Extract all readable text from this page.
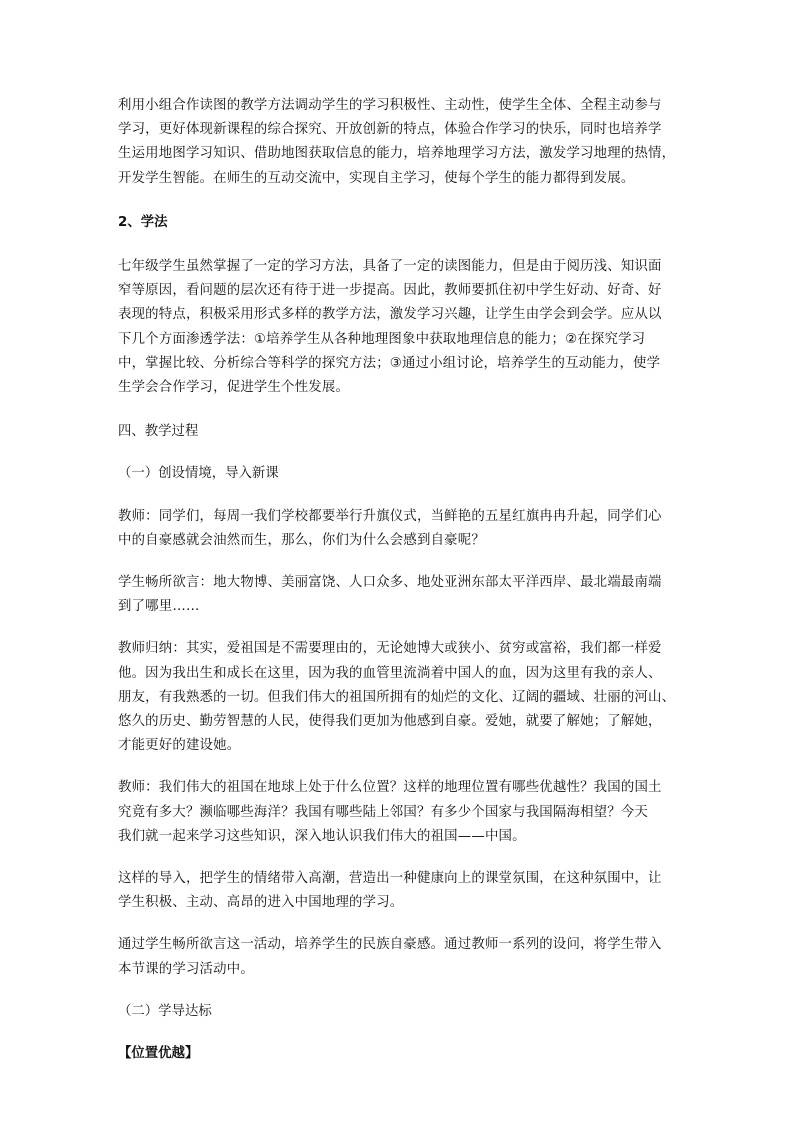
利用小组合作读图的教学方法调动学生的学习积极性、主动性，使学生全体、全程主动参与
学习，更好体现新课程的综合探究、开放创新的特点，体验合作学习的快乐，同时也培养学
生运用地图学习知识、借助地图获取信息的能力，培养地理学习方法，激发学习地理的热情，
开发学生智能。在师生的互动交流中，实现自主学习，使每个学生的能力都得到发展。

2、学法

七年级学生虽然掌握了一定的学习方法，具备了一定的读图能力，但是由于阅历浅、知识面
窄等原因，看问题的层次还有待于进一步提高。因此，教师要抓住初中学生好动、好奇、好
表现的特点，积极采用形式多样的教学方法，激发学习兴趣，让学生由学会到会学。应从以
下几个方面渗透学法：①培养学生从各种地理图象中获取地理信息的能力；②在探究学习
中，掌握比较、分析综合等科学的探究方法；③通过小组讨论，培养学生的互动能力，使学
生学会合作学习，促进学生个性发展。

四、教学过程

（一）创设情境，导入新课

教师：同学们，每周一我们学校都要举行升旗仪式，当鲜艳的五星红旗冉冉升起，同学们心
中的自豪感就会油然而生，那么，你们为什么会感到自豪呢？

学生畅所欲言：地大物博、美丽富饶、人口众多、地处亚洲东部太平洋西岸、最北端最南端
到了哪里……

教师归纳：其实，爱祖国是不需要理由的，无论她博大或狭小、贫穷或富裕，我们都一样爱
他。因为我出生和成长在这里，因为我的血管里流淌着中国人的血，因为这里有我的亲人、
朋友，有我熟悉的一切。但我们伟大的祖国所拥有的灿烂的文化、辽阔的疆域、壮丽的河山、
悠久的历史、勤劳智慧的人民，使得我们更加为他感到自豪。爱她，就要了解她；了解她，
才能更好的建设她。

教师：我们伟大的祖国在地球上处于什么位置？这样的地理位置有哪些优越性？我国的国土
究竟有多大？濒临哪些海洋？我国有哪些陆上邻国？有多少个国家与我国隔海相望？今天
我们就一起来学习这些知识，深入地认识我们伟大的祖国——中国。

这样的导入，把学生的情绪带入高潮，营造出一种健康向上的课堂氛围，在这种氛围中，让
学生积极、主动、高昂的进入中国地理的学习。

通过学生畅所欲言这一活动，培养学生的民族自豪感。通过教师一系列的设问，将学生带入
本节课的学习活动中。

（二）学导达标

【位置优越】
